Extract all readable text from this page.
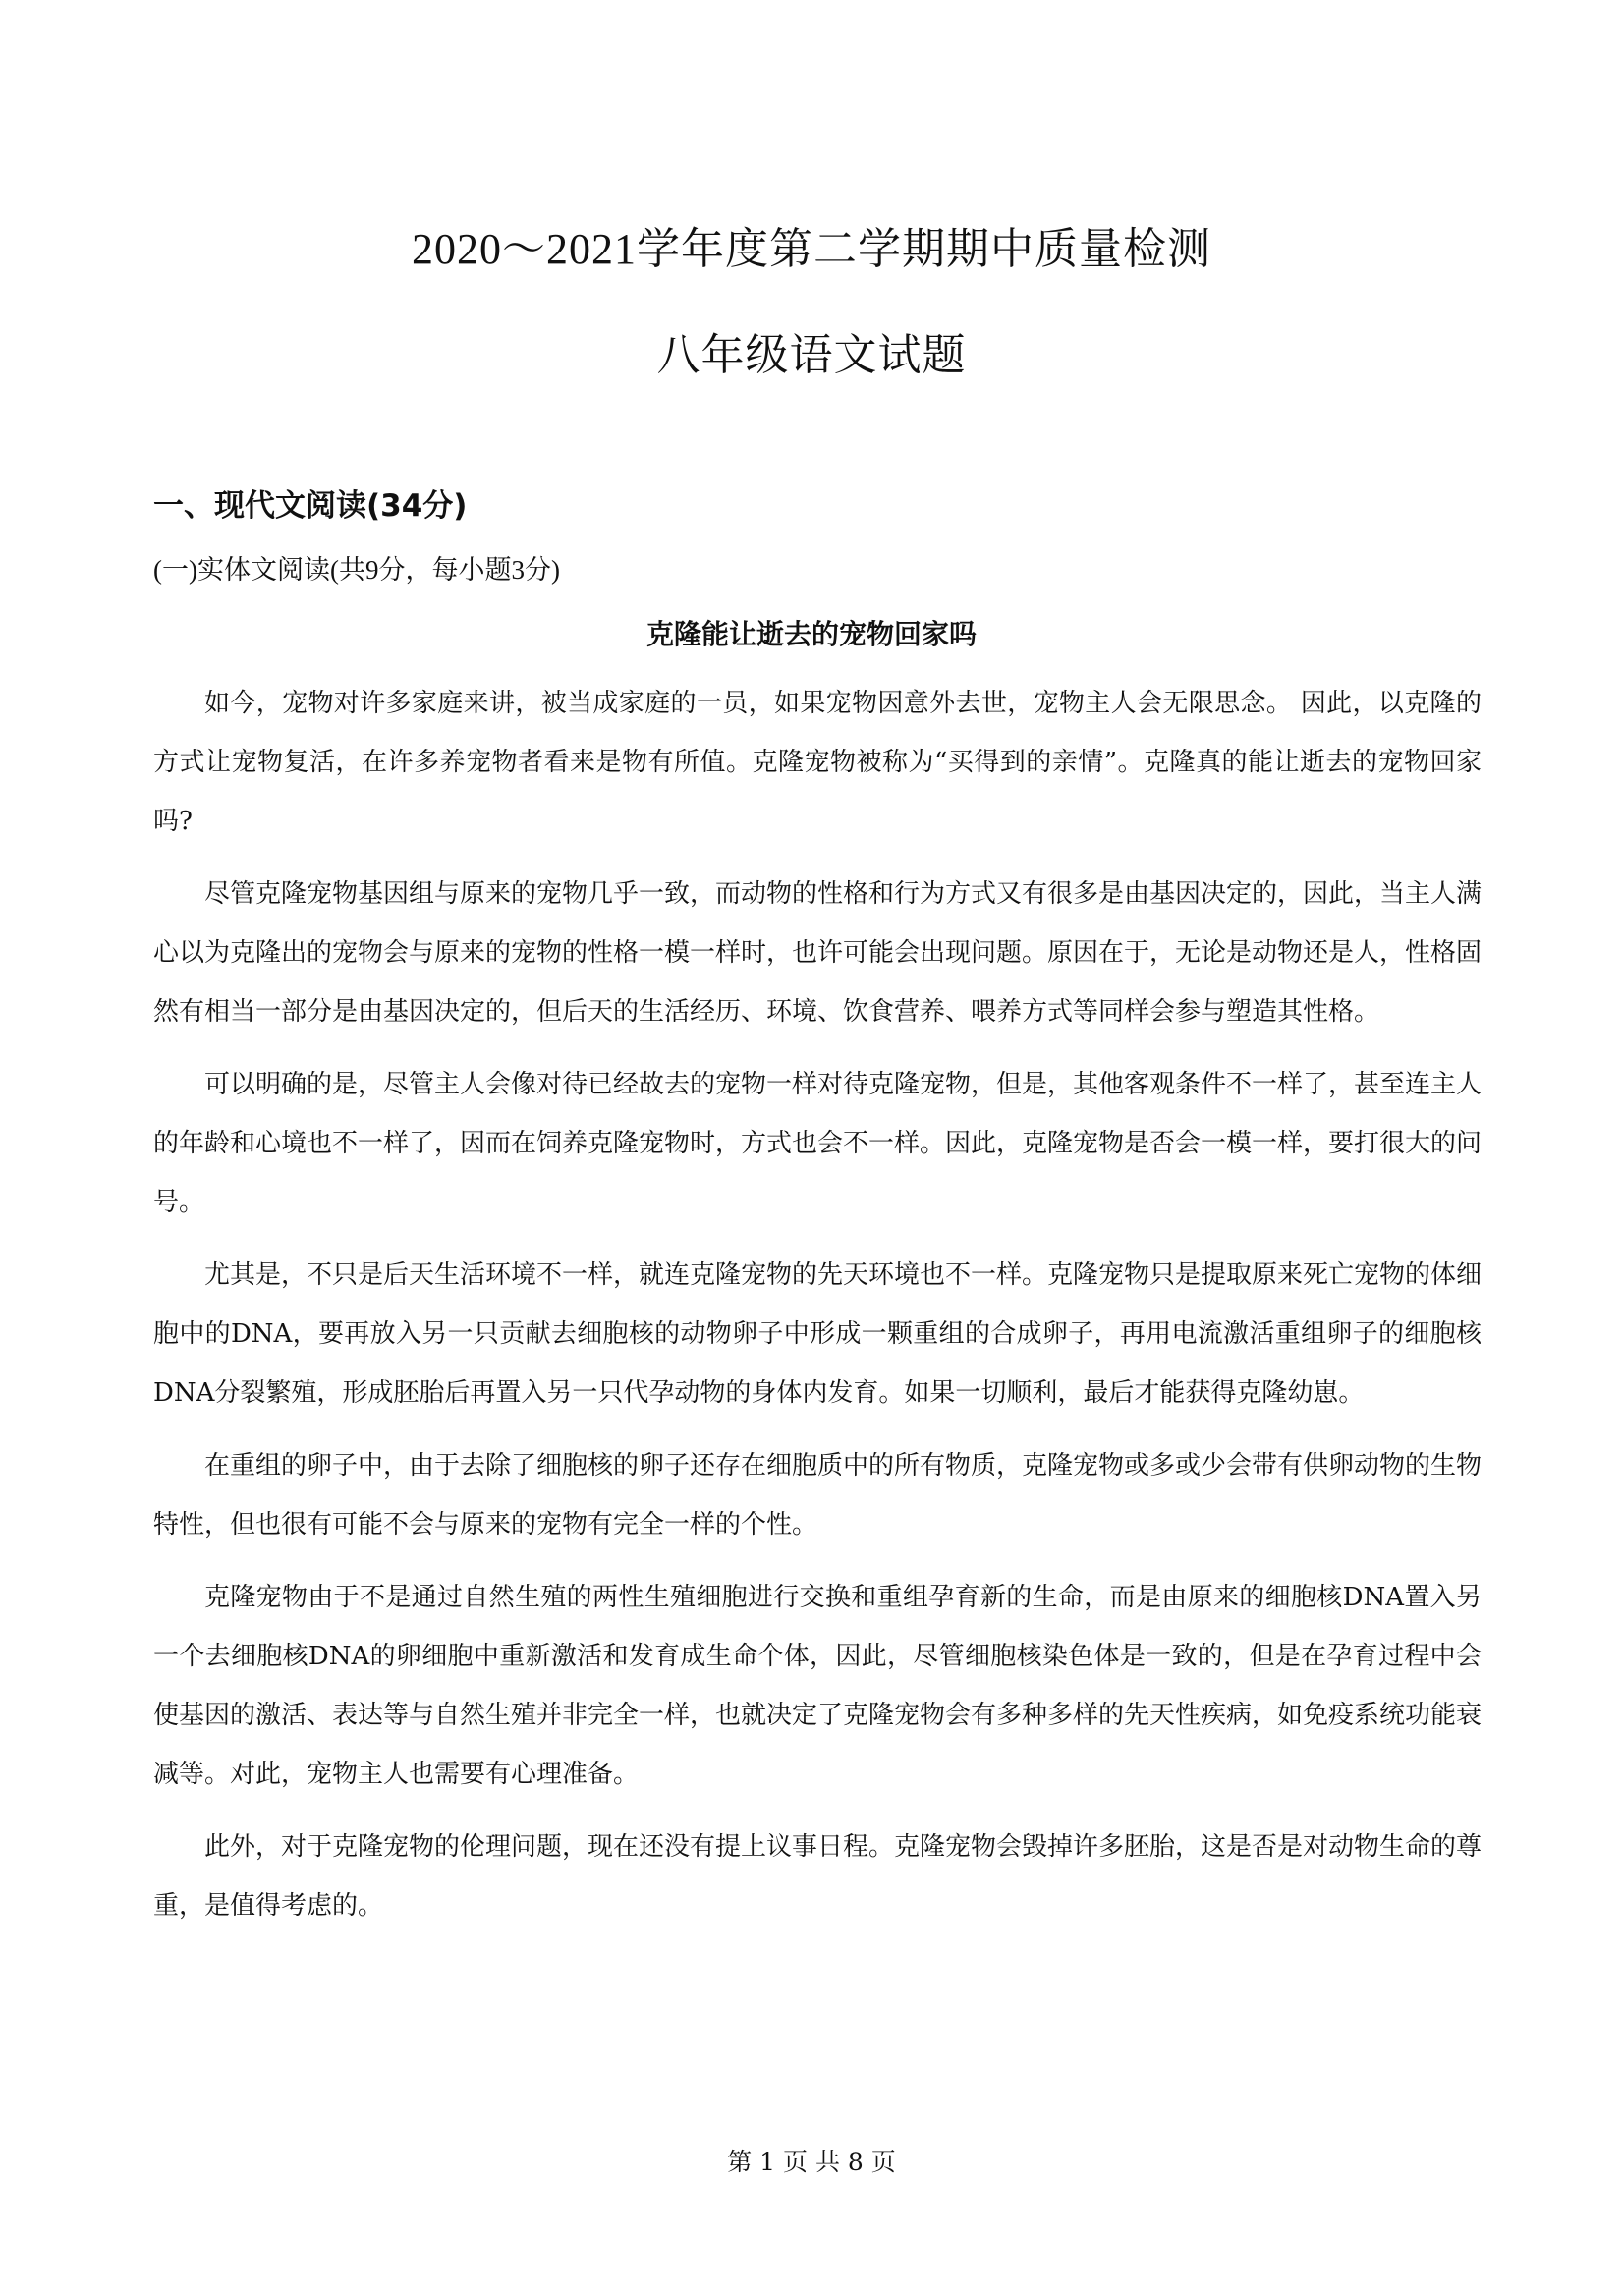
2020～2021学年度第二学期期中质量检测
八年级语文试题
一、现代文阅读(34分)
(一)实体文阅读(共9分，每小题3分)
克隆能让逝去的宠物回家吗

如今，宠物对许多家庭来讲，被当成家庭的一员，如果宠物因意外去世，宠物主人会无限思念。 因此，以克隆的方式让宠物复活，在许多养宠物者看来是物有所值。克隆宠物被称为“买得到的亲情”。克隆真的能让逝去的宠物回家吗?

尽管克隆宠物基因组与原来的宠物几乎一致，而动物的性格和行为方式又有很多是由基因决定的，因此，当主人满心以为克隆出的宠物会与原来的宠物的性格一模一样时，也许可能会出现问题。原因在于，无论是动物还是人，性格固然有相当一部分是由基因决定的，但后天的生活经历、环境、饮食营养、喂养方式等同样会参与塑造其性格。

可以明确的是，尽管主人会像对待已经故去的宠物一样对待克隆宠物，但是，其他客观条件不一样了，甚至连主人的年龄和心境也不一样了，因而在饲养克隆宠物时，方式也会不一样。因此，克隆宠物是否会一模一样，要打很大的问号。

尤其是，不只是后天生活环境不一样，就连克隆宠物的先天环境也不一样。克隆宠物只是提取原来死亡宠物的体细胞中的DNA，要再放入另一只贡献去细胞核的动物卵子中形成一颗重组的合成卵子，再用电流激活重组卵子的细胞核DNA分裂繁殖，形成胚胎后再置入另一只代孕动物的身体内发育。如果一切顺利，最后才能获得克隆幼崽。

在重组的卵子中，由于去除了细胞核的卵子还存在细胞质中的所有物质，克隆宠物或多或少会带有供卵动物的生物特性，但也很有可能不会与原来的宠物有完全一样的个性。

克隆宠物由于不是通过自然生殖的两性生殖细胞进行交换和重组孕育新的生命，而是由原来的细胞核DNA置入另一个去细胞核DNA的卵细胞中重新激活和发育成生命个体，因此，尽管细胞核染色体是一致的，但是在孕育过程中会使基因的激活、表达等与自然生殖并非完全一样，也就决定了克隆宠物会有多种多样的先天性疾病，如免疫系统功能衰减等。对此，宠物主人也需要有心理准备。

此外，对于克隆宠物的伦理问题，现在还没有提上议事日程。克隆宠物会毁掉许多胚胎，这是否是对动物生命的尊重，是值得考虑的。

第 1 页 共 8 页
